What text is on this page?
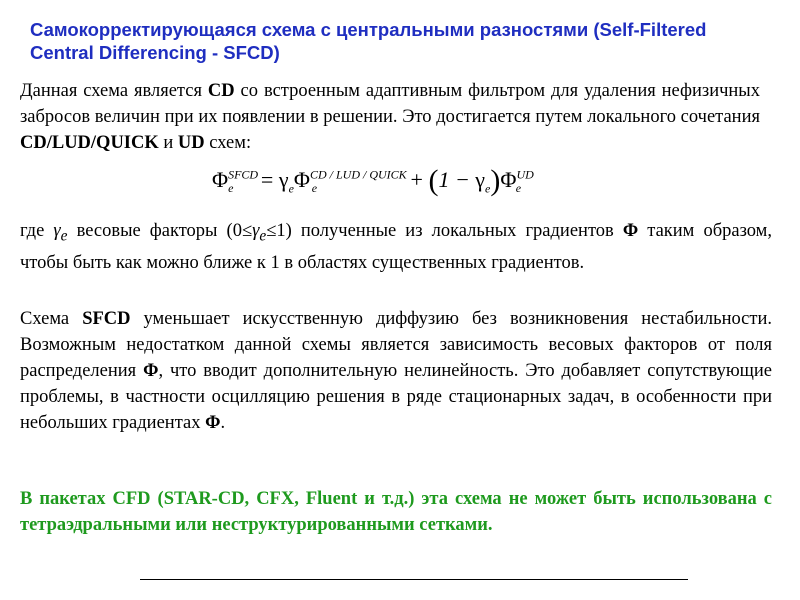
Самокорректирующаяся схема с центральными разностями (Self-Filtered Central Differencing - SFCD)
Данная схема является CD со встроенным адаптивным фильтром для удаления нефизичных забросов величин при их появлении в решении. Это достигается путем локального сочетания CD/LUD/QUICK и UD схем:
$\Phi^{SFCD}_e = \gamma_e\Phi^{CD / LUD / QUICK}_e$	+ $(1 - \gamma_e)\Phi^{UD}_e$
где $\gamma_e$ весовые факторы $(0\le\gamma_e\le 1)$ полученные из локальных градиентов Φ таким образом, чтобы быть как можно ближе к 1 в областях существенных градиентов.
Схема SFCD уменьшает искусственную диффузию без возникновения нестабильности. Возможным недостатком данной схемы является зависимость весовых факторов от поля распределения Φ, что вводит дополнительную нелинейность. Это добавляет сопутствующие проблемы, в частности осцилляцию решения в ряде стационарных задач, в особенности при небольших градиентах Φ.
В пакетах CFD (STAR-CD, CFX, Fluent и т.д.) эта схема не может быть использована с тетраэдральными или неструктурированными сетками.
